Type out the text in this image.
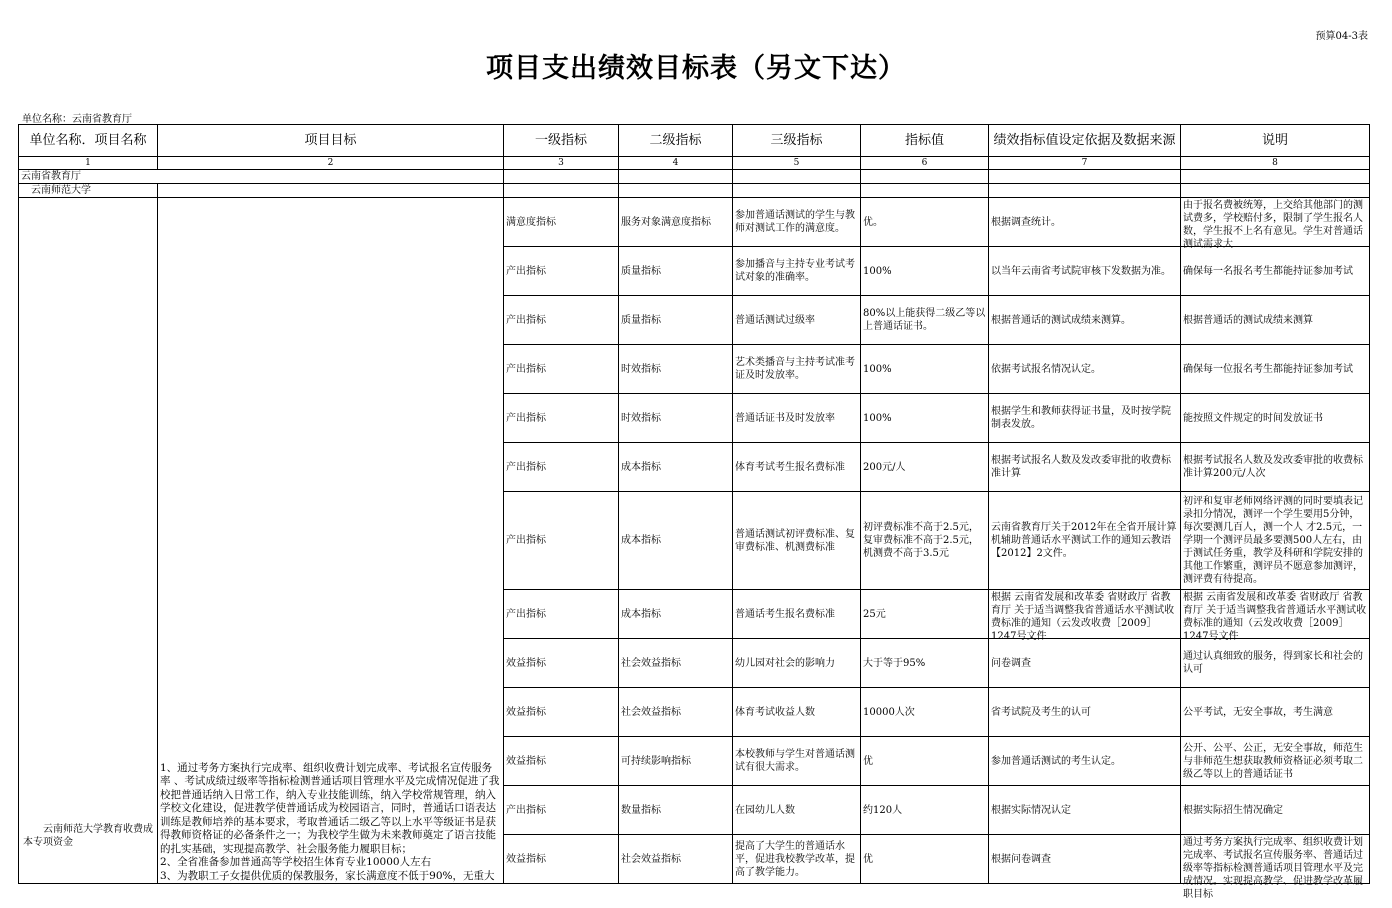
预算04-3表
项目支出绩效目标表（另文下达）
单位名称：云南省教育厅
单位名称．项目名称	项目目标	一级指标	二级指标	三级指标	指标值	绩效指标值设定依据及数据来源	说明
1	2	3	4	5	6	7	8
云南省教育厅							
　云南师范大学							

云南师范大学教育收费成本专项资金	1、通过考务方案执行完成率、组织收费计划完成率、考试报名宣传服务率 、考试成绩过级率等指标检测普通话项目管理水平及完成情况促进了我校把普通话纳入日常工作，纳入专业技能训练，纳入学校常规管理，纳入学校文化建设，促进教学使普通话成为校园语言，同时，普通话口语表达训练是教师培养的基本要求，考取普通话二级乙等以上水平等级证书是获得教师资格证的必备条件之一；为我校学生做为未来教师奠定了语言技能的扎实基础，实现提高教学、社会服务能力履职目标；
2、全省准备参加普通高等学校招生体育专业10000人左右
3、为教职工子女提供优质的保教服务，家长满意度不低于90%，无重大	满意度指标	服务对象满意度指标	参加普通话测试的学生与教师对测试工作的满意度。	优。	根据调查统计。	由于报名费被统筹，上交给其他部门的测试费多，学校赔付多，限制了学生报名人数，学生报不上名有意见。学生对普通话测试需求大

		产出指标	质量指标	参加播音与主持专业考试考试对象的准确率。	100%	以当年云南省考试院审核下发数据为准。	确保每一名报名考生都能持证参加考试

		产出指标	质量指标	普通话测试过级率	80%以上能获得二级乙等以上普通话证书。	根据普通话的测试成绩来测算。	根据普通话的测试成绩来测算

		产出指标	时效指标	艺术类播音与主持考试准考证及时发放率。	100%	依据考试报名情况认定。	确保每一位报名考生都能持证参加考试

		产出指标	时效指标	普通话证书及时发放率	100%	根据学生和教师获得证书量，及时按学院制表发放。	能按照文件规定的时间发放证书

		产出指标	成本指标	体育考试考生报名费标准	200元/人	根据考试报名人数及发改委审批的收费标准计算	根据考试报名人数及发改委审批的收费标准计算200元/人次

		产出指标	成本指标	普通话测试初评费标准、复审费标准、机测费标准	初评费标准不高于2.5元，复审费标准不高于2.5元，机测费不高于3.5元	云南省教育厅关于2012年在全省开展计算机辅助普通话水平测试工作的通知云教语【2012】2文件。	初评和复审老师网络评测的同时要填表记录扣分情况，测评一个学生要用5分钟，每次要测几百人，测一个人 才2.5元，一学期一个测评员最多要测500人左右，由于测试任务重，教学及科研和学院安排的其他工作繁重，测评员不愿意参加测评，测评费有待提高。

		产出指标	成本指标	普通话考生报名费标准	25元	根据 云南省发展和改革委 省财政厅 省教育厅 关于适当调整我省普通话水平测试收费标准的通知（云发改收费［2009］1247号文件	根据 云南省发展和改革委 省财政厅 省教育厅 关于适当调整我省普通话水平测试收费标准的通知（云发改收费［2009］1247号文件

		效益指标	社会效益指标	幼儿园对社会的影响力	大于等于95%	问卷调查	通过认真细致的服务，得到家长和社会的认可

		效益指标	社会效益指标	体育考试收益人数	10000人次	省考试院及考生的认可	公平考试，无安全事故，考生满意

		效益指标	可持续影响指标	本校教师与学生对普通话测试有很大需求。	优	参加普通话测试的考生认定。	公开、公平、公正，无安全事故，师范生与非师范生想获取教师资格证必须考取二级乙等以上的普通话证书

		产出指标	数量指标	在园幼儿人数	约120人	根据实际情况认定	根据实际招生情况确定

		效益指标	社会效益指标	提高了大学生的普通话水平，促进我校教学改革，提高了教学能力。	优	根据问卷调查	通过考务方案执行完成率、组织收费计划完成率、考试报名宣传服务率、普通话过级率等指标检测普通话项目管理水平及完成情况。实现提高教学、促进教学改革履职目标
